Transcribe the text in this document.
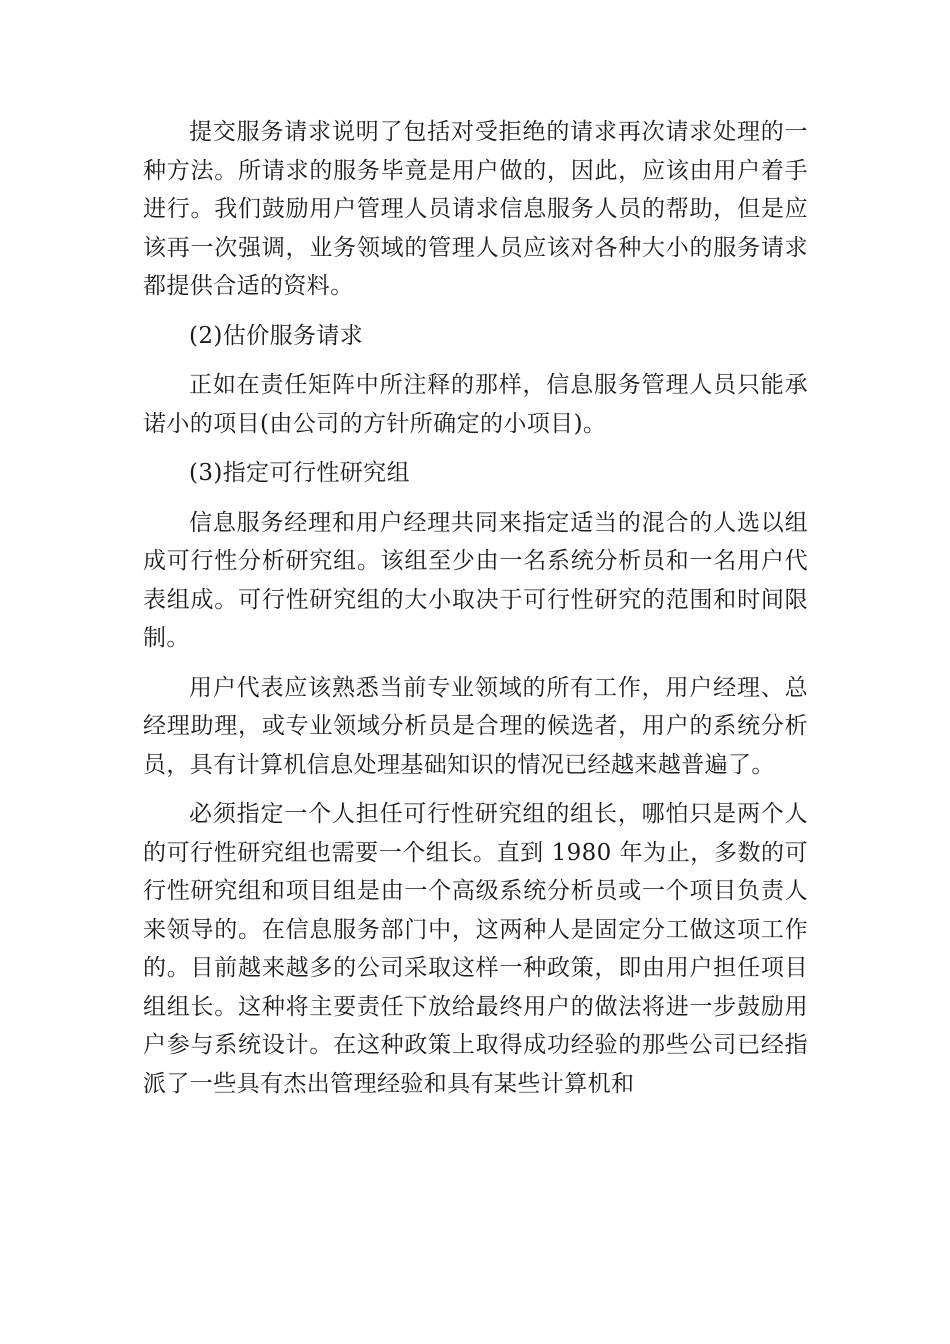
提交服务请求说明了包括对受拒绝的请求再次请求处理的一种方法。所请求的服务毕竟是用户做的，因此，应该由用户着手进行。我们鼓励用户管理人员请求信息服务人员的帮助，但是应该再一次强调，业务领域的管理人员应该对各种大小的服务请求都提供合适的资料。

(2)估价服务请求

正如在责任矩阵中所注释的那样，信息服务管理人员只能承诺小的项目(由公司的方针所确定的小项目)。

(3)指定可行性研究组

信息服务经理和用户经理共同来指定适当的混合的人选以组成可行性分析研究组。该组至少由一名系统分析员和一名用户代表组成。可行性研究组的大小取决于可行性研究的范围和时间限制。

用户代表应该熟悉当前专业领域的所有工作，用户经理、总经理助理，或专业领域分析员是合理的候选者，用户的系统分析员，具有计算机信息处理基础知识的情况已经越来越普遍了。

必须指定一个人担任可行性研究组的组长，哪怕只是两个人的可行性研究组也需要一个组长。直到 1980 年为止，多数的可行性研究组和项目组是由一个高级系统分析员或一个项目负责人来领导的。在信息服务部门中，这两种人是固定分工做这项工作的。目前越来越多的公司采取这样一种政策，即由用户担任项目组组长。这种将主要责任下放给最终用户的做法将进一步鼓励用户参与系统设计。在这种政策上取得成功经验的那些公司已经指派了一些具有杰出管理经验和具有某些计算机和
